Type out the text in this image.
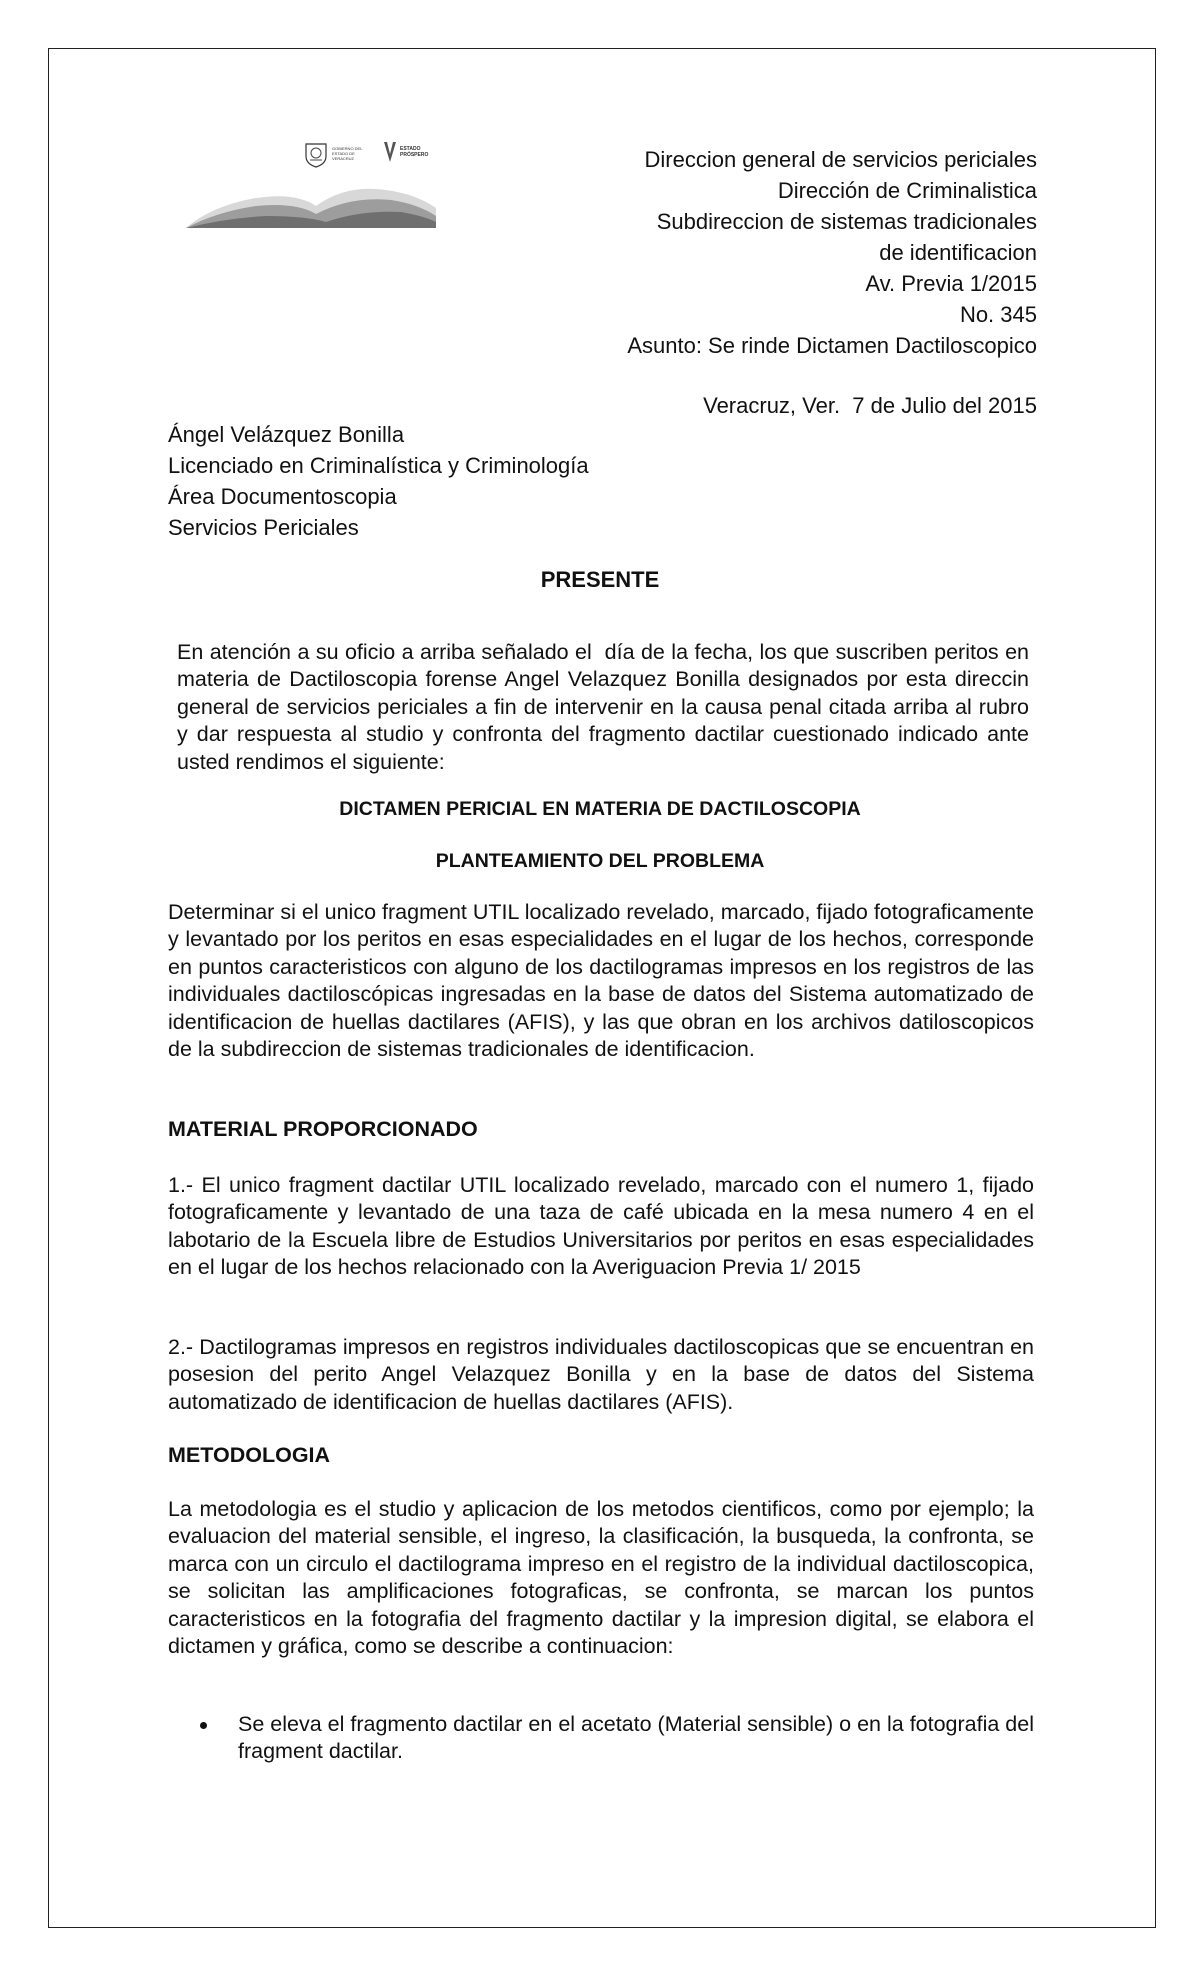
GOBIERNO DEL ESTADO DE VERACRUZ
ESTADO PRÓSPERO	Direccion general de servicios periciales
Dirección de Criminalistica
Subdireccion de sistemas tradicionales
de identificacion
Av. Previa 1/2015
No. 345
Asunto: Se rinde Dictamen Dactiloscopico
Veracruz, Ver.  7 de Julio del 2015
Ángel Velázquez Bonilla
Licenciado en Criminalística y Criminología
Área Documentoscopia
Servicios Periciales
PRESENTE
En atención a su oficio a arriba señalado el  día de la fecha, los que suscriben peritos en materia de Dactiloscopia forense Angel Velazquez Bonilla designados por esta direccin general de servicios periciales a fin de intervenir en la causa penal citada arriba al rubro y dar respuesta al studio y confronta del fragmento dactilar cuestionado indicado ante usted rendimos el siguiente:
DICTAMEN PERICIAL EN MATERIA DE DACTILOSCOPIA
PLANTEAMIENTO DEL PROBLEMA
Determinar si el unico fragment UTIL localizado revelado, marcado, fijado fotograficamente y levantado por los peritos en esas especialidades en el lugar de los hechos, corresponde en puntos caracteristicos con alguno de los dactilogramas impresos en los registros de las individuales dactiloscópicas ingresadas en la base de datos del Sistema automatizado de identificacion de huellas dactilares (AFIS), y las que obran en los archivos datiloscopicos de la subdireccion de sistemas tradicionales de identificacion.
MATERIAL PROPORCIONADO
1.- El unico fragment dactilar UTIL localizado revelado, marcado con el numero 1, fijado fotograficamente y levantado de una taza de café ubicada en la mesa numero 4 en el labotario de la Escuela libre de Estudios Universitarios por peritos en esas especialidades en el lugar de los hechos relacionado con la Averiguacion Previa 1/ 2015
2.- Dactilogramas impresos en registros individuales dactiloscopicas que se encuentran en posesion del perito Angel Velazquez Bonilla y en la base de datos del Sistema automatizado de identificacion de huellas dactilares (AFIS).
METODOLOGIA
La metodologia es el studio y aplicacion de los metodos cientificos, como por ejemplo; la evaluacion del material sensible, el ingreso, la clasificación, la busqueda, la confronta, se marca con un circulo el dactilograma impreso en el registro de la individual dactiloscopica, se solicitan las amplificaciones fotograficas, se confronta, se marcan los puntos caracteristicos en la fotografia del fragmento dactilar y la impresion digital, se elabora el dictamen y gráfica, como se describe a continuacion:
Se eleva el fragmento dactilar en el acetato (Material sensible) o en la fotografia del fragment dactilar.
